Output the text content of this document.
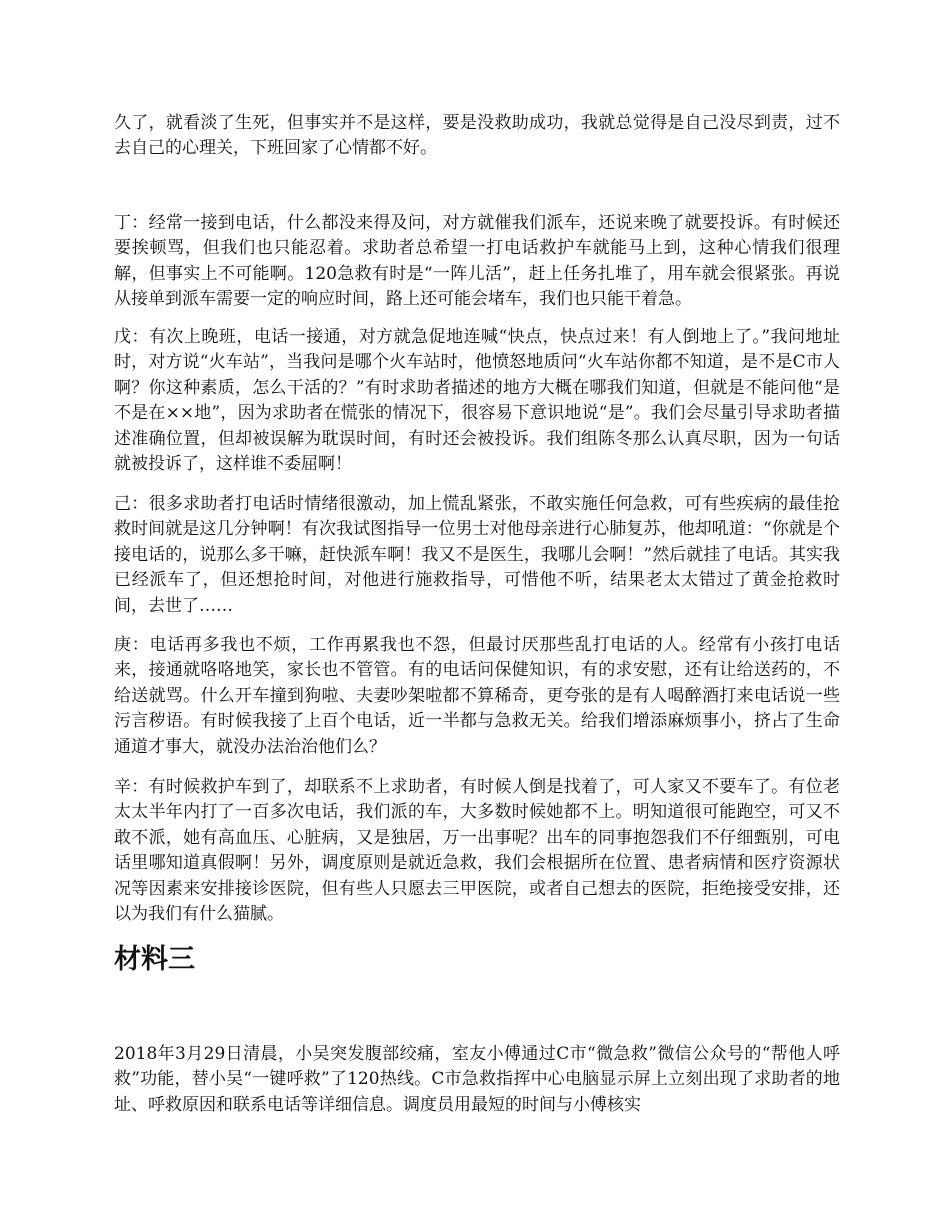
久了，就看淡了生死，但事实并不是这样，要是没救助成功，我就总觉得是自己没尽到责，过不去自己的心理关，下班回家了心情都不好。

丁：经常一接到电话，什么都没来得及问，对方就催我们派车，还说来晚了就要投诉。有时候还要挨顿骂，但我们也只能忍着。求助者总希望一打电话救护车就能马上到，这种心情我们很理解，但事实上不可能啊。120急救有时是“一阵儿活”，赶上任务扎堆了，用车就会很紧张。再说从接单到派车需要一定的响应时间，路上还可能会堵车，我们也只能干着急。

戊：有次上晚班，电话一接通，对方就急促地连喊“快点，快点过来！有人倒地上了。”我问地址时，对方说“火车站”，当我问是哪个火车站时，他愤怒地质问“火车站你都不知道，是不是C市人啊？你这种素质，怎么干活的？”有时求助者描述的地方大概在哪我们知道，但就是不能问他“是不是在××地”，因为求助者在慌张的情况下，很容易下意识地说“是”。我们会尽量引导求助者描述准确位置，但却被误解为耽误时间，有时还会被投诉。我们组陈冬那么认真尽职，因为一句话就被投诉了，这样谁不委屈啊！

己：很多求助者打电话时情绪很激动，加上慌乱紧张，不敢实施任何急救，可有些疾病的最佳抢救时间就是这几分钟啊！有次我试图指导一位男士对他母亲进行心肺复苏，他却吼道：“你就是个接电话的，说那么多干嘛，赶快派车啊！我又不是医生，我哪儿会啊！”然后就挂了电话。其实我已经派车了，但还想抢时间，对他进行施救指导，可惜他不听，结果老太太错过了黄金抢救时间，去世了……

庚：电话再多我也不烦，工作再累我也不怨，但最讨厌那些乱打电话的人。经常有小孩打电话来，接通就咯咯地笑，家长也不管管。有的电话问保健知识，有的求安慰，还有让给送药的，不给送就骂。什么开车撞到狗啦、夫妻吵架啦都不算稀奇，更夸张的是有人喝醉酒打来电话说一些污言秽语。有时候我接了上百个电话，近一半都与急救无关。给我们增添麻烦事小，挤占了生命通道才事大，就没办法治治他们么？

辛：有时候救护车到了，却联系不上求助者，有时候人倒是找着了，可人家又不要车了。有位老太太半年内打了一百多次电话，我们派的车，大多数时候她都不上。明知道很可能跑空，可又不敢不派，她有高血压、心脏病，又是独居，万一出事呢？出车的同事抱怨我们不仔细甄别，可电话里哪知道真假啊！另外，调度原则是就近急救，我们会根据所在位置、患者病情和医疗资源状况等因素来安排接诊医院，但有些人只愿去三甲医院，或者自己想去的医院，拒绝接受安排，还以为我们有什么猫腻。

材料三

2018年3月29日清晨，小吴突发腹部绞痛，室友小傅通过C市“微急救”微信公众号的“帮他人呼救”功能，替小吴“一键呼救”了120热线。C市急救指挥中心电脑显示屏上立刻出现了求助者的地址、呼救原因和联系电话等详细信息。调度员用最短的时间与小傅核实
